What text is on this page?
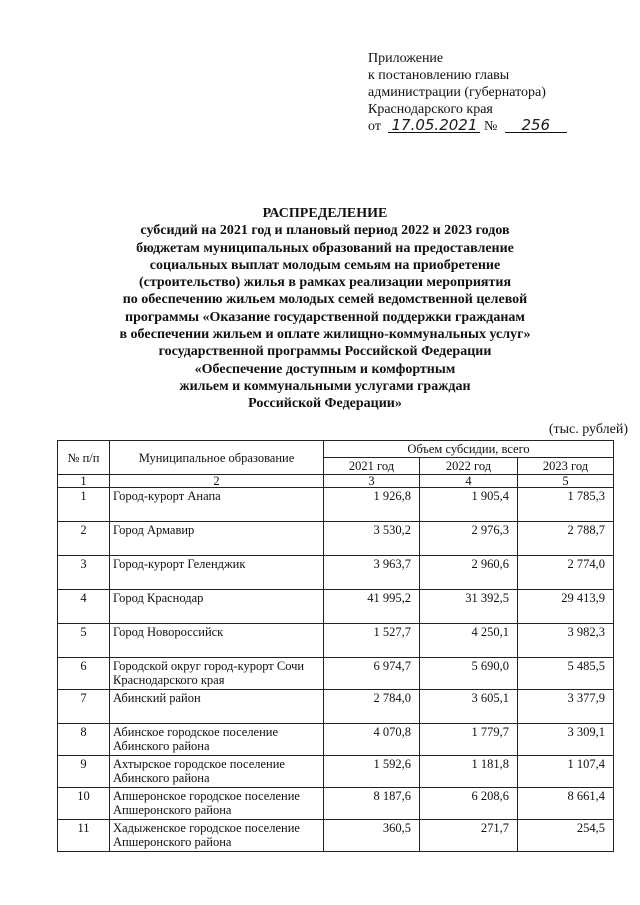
Приложение
к постановлению главы
администрации (губернатора)
Краснодарского края
от 17.05.2021 № 256
РАСПРЕДЕЛЕНИЕ
субсидий на 2021 год и плановый период 2022 и 2023 годов
бюджетам муниципальных образований на предоставление
социальных выплат молодым семьям на приобретение
(строительство) жилья в рамках реализации мероприятия
по обеспечению жильем молодых семей ведомственной целевой
программы «Оказание государственной поддержки гражданам
в обеспечении жильем и оплате жилищно-коммунальных услуг»
государственной программы Российской Федерации
«Обеспечение доступным и комфортным
жильем и коммунальными услугами граждан
Российской Федерации»
(тыс. рублей)
№ п/п	Муниципальное образование	Объем субсидии, всего		
		2021 год	2022 год	2023 год
1	2	3	4	5
1	Город-курорт Анапа	1 926,8	1 905,4	1 785,3
2	Город Армавир	3 530,2	2 976,3	2 788,7
3	Город-курорт Геленджик	3 963,7	2 960,6	2 774,0
4	Город Краснодар	41 995,2	31 392,5	29 413,9
5	Город Новороссийск	1 527,7	4 250,1	3 982,3
6	Городской округ город-курорт Сочи Краснодарского края	6 974,7	5 690,0	5 485,5
7	Абинский район	2 784,0	3 605,1	3 377,9
8	Абинское городское поселение Абинского района	4 070,8	1 779,7	3 309,1
9	Ахтырское городское поселение Абинского района	1 592,6	1 181,8	1 107,4
10	Апшеронское городское поселение Апшеронского района	8 187,6	6 208,6	8 661,4
11	Хадыженское городское поселение Апшеронского района	360,5	271,7	254,5
